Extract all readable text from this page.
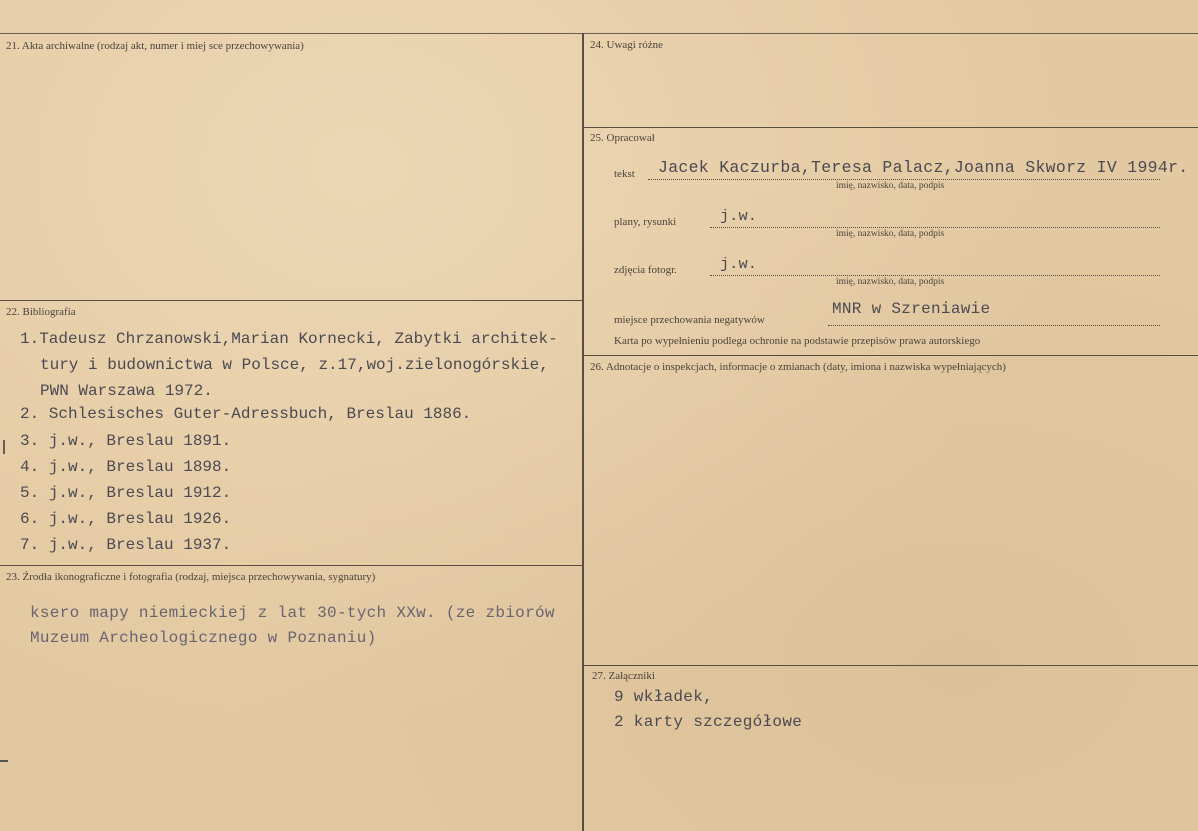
21. Akta archiwalne (rodzaj akt, numer i miej sce przechowywania)
22. Bibliografia
1.Tadeusz Chrzanowski,Marian Kornecki, Zabytki architek-
tury i budownictwa w Polsce, z.17,woj.zielonogórskie,
PWN Warszawa 1972.
2. Schlesisches Guter-Adressbuch, Breslau 1886.
3. j.w., Breslau 1891.
4. j.w., Breslau 1898.
5. j.w., Breslau 1912.
6. j.w., Breslau 1926.
7. j.w., Breslau 1937.
23. Źrodła ikonograficzne i fotografia (rodzaj, miejsca przechowywania, sygnatury)
ksero mapy niemieckiej z lat 30-tych XXw. (ze zbiorów
Muzeum Archeologicznego w Poznaniu)
24. Uwagi różne
25. Opracował
tekst Jacek Kaczurba,Teresa Palacz,Joanna Skworz IV 1994r.
imię, nazwisko, data, podpis
plany, rysunki	j.w.
imię, nazwisko, data, podpis
zdjęcia fotogr.	j.w.
imię, nazwisko, data, podpis
miejsce przechowania negatywów
MNR w Szreniawie
Karta po wypełnieniu podlega ochronie na podstawie przepisów prawa autorskiego
26. Adnotacje o inspekcjach, informacje o zmianach (daty, imiona i nazwiska wypełniających)
27. Załączniki
9 wkładek,
2 karty szczegółowe
